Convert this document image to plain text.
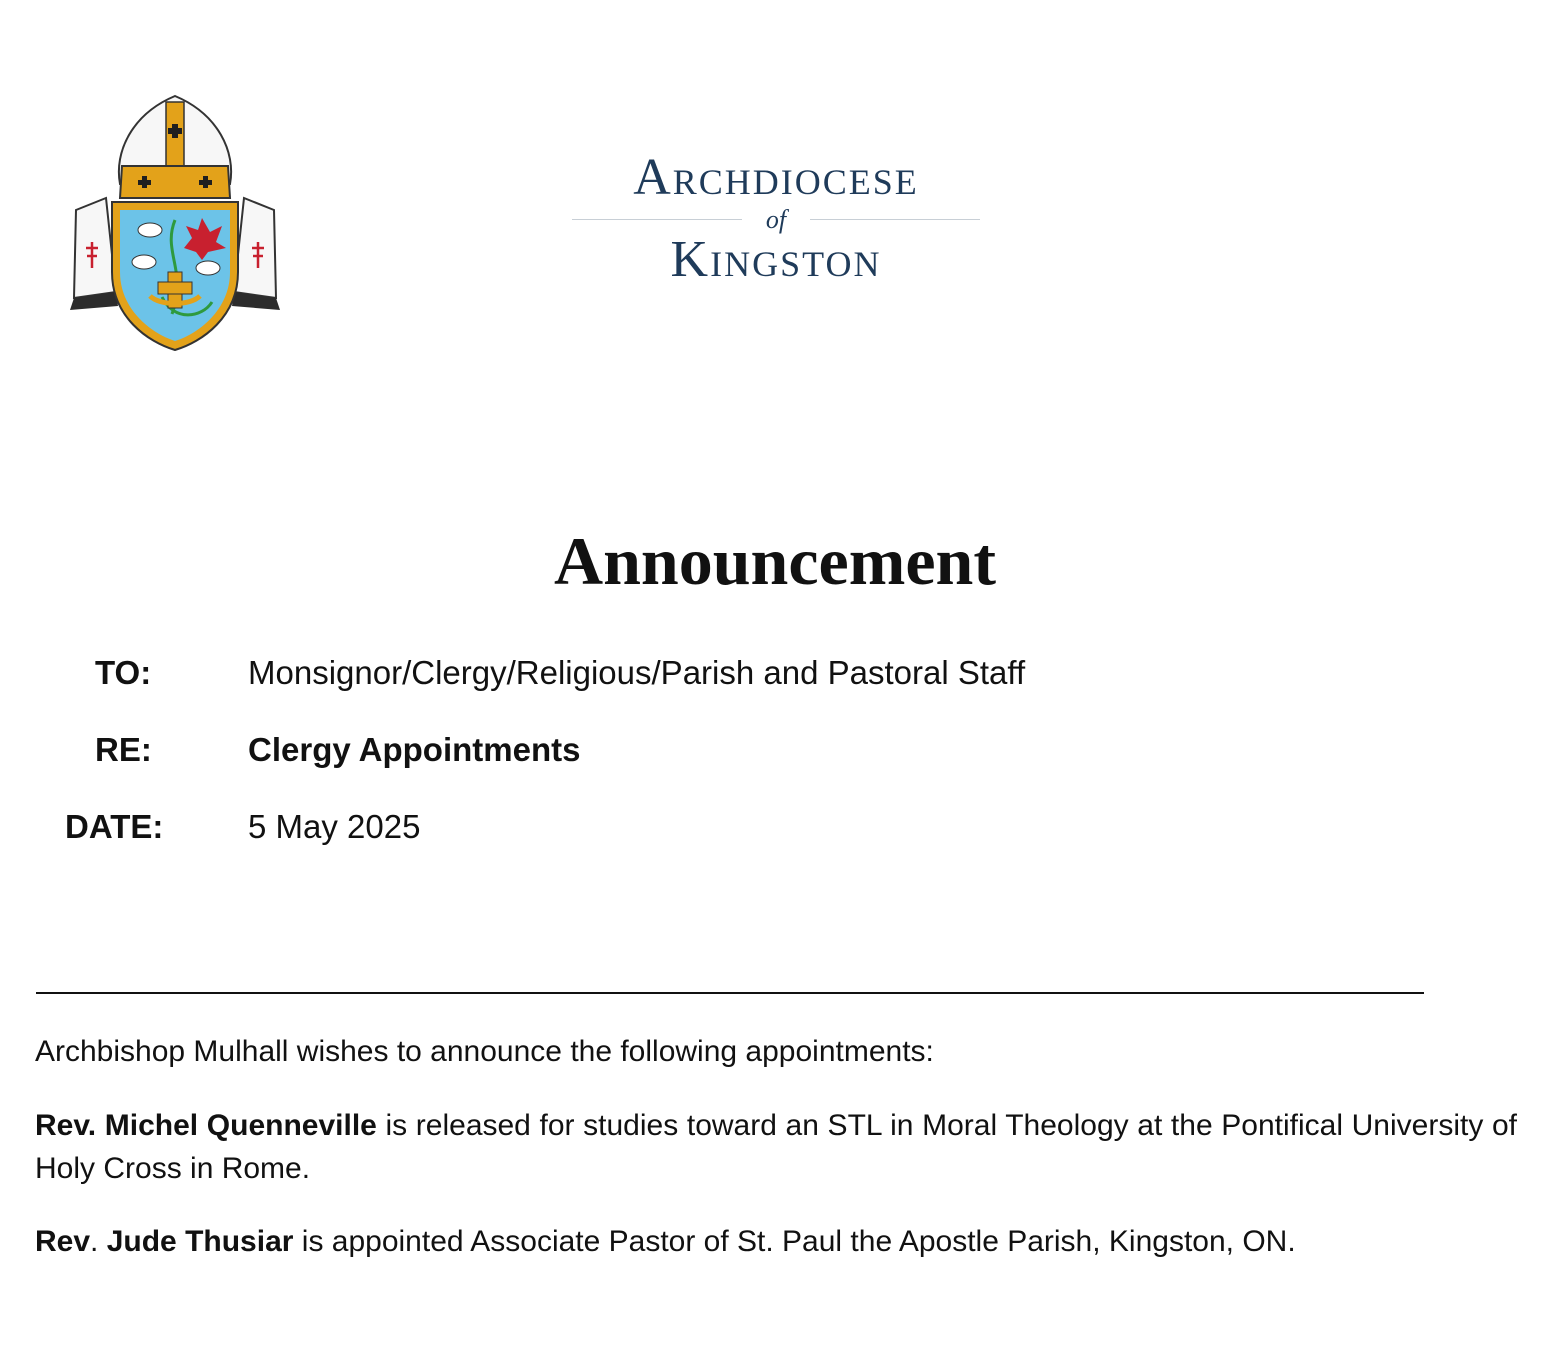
Archdiocese
of
Kingston
Announcement
TO:	Monsignor/Clergy/Religious/Parish and Pastoral Staff
RE:	Clergy Appointments
DATE:	5 May 2025
Archbishop Mulhall wishes to announce the following appointments:
Rev. Michel Quenneville is released for studies toward an STL in Moral Theology at the Pontifical University of Holy Cross in Rome.
Rev. Jude Thusiar is appointed Associate Pastor of St. Paul the Apostle Parish, Kingston, ON.
